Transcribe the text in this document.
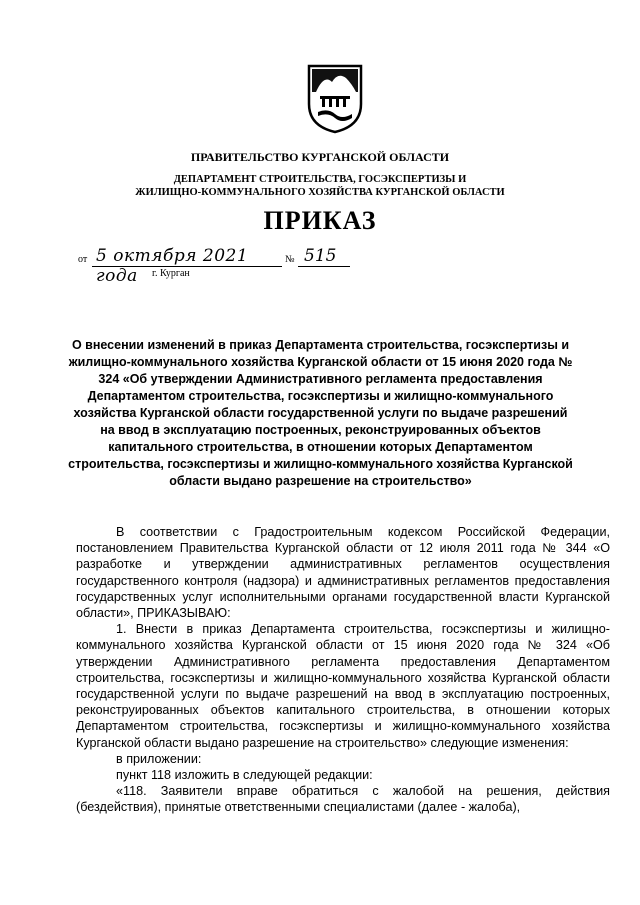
ПРАВИТЕЛЬСТВО КУРГАНСКОЙ ОБЛАСТИ
ДЕПАРТАМЕНТ СТРОИТЕЛЬСТВА, ГОСЭКСПЕРТИЗЫ И
ЖИЛИЩНО-КОММУНАЛЬНОГО ХОЗЯЙСТВА КУРГАНСКОЙ ОБЛАСТИ
ПРИКАЗ
от 5 октября 2021 года
№ 515
г. Курган
О внесении изменений в приказ Департамента строительства, госэкспертизы и жилищно-коммунального хозяйства Курганской области от 15 июня 2020 года № 324 «Об утверждении Административного регламента предоставления Департаментом строительства, госэкспертизы и жилищно-коммунального хозяйства Курганской области государственной услуги по выдаче разрешений на ввод в эксплуатацию построенных, реконструированных объектов капитального строительства, в отношении которых Департаментом строительства, госэкспертизы и жилищно-коммунального хозяйства Курганской области выдано разрешение на строительство»

В соответствии с Градостроительным кодексом Российской Федерации, постановлением Правительства Курганской области от 12 июля 2011 года № 344 «О разработке и утверждении административных регламентов осуществления государственного контроля (надзора) и административных регламентов предоставления государственных услуг исполнительными органами государственной власти Курганской области», ПРИКАЗЫВАЮ:

1. Внести в приказ Департамента строительства, госэкспертизы и жилищно-коммунального хозяйства Курганской области от 15 июня 2020 года № 324 «Об утверждении Административного регламента предоставления Департаментом строительства, госэкспертизы и жилищно-коммунального хозяйства Курганской области государственной услуги по выдаче разрешений на ввод в эксплуатацию построенных, реконструированных объектов капитального строительства, в отношении которых Департаментом строительства, госэкспертизы и жилищно-коммунального хозяйства Курганской области выдано разрешение на строительство» следующие изменения:

в приложении:

пункт 118 изложить в следующей редакции:

«118. Заявители вправе обратиться с жалобой на решения, действия (бездействия), принятые ответственными специалистами (далее - жалоба),
